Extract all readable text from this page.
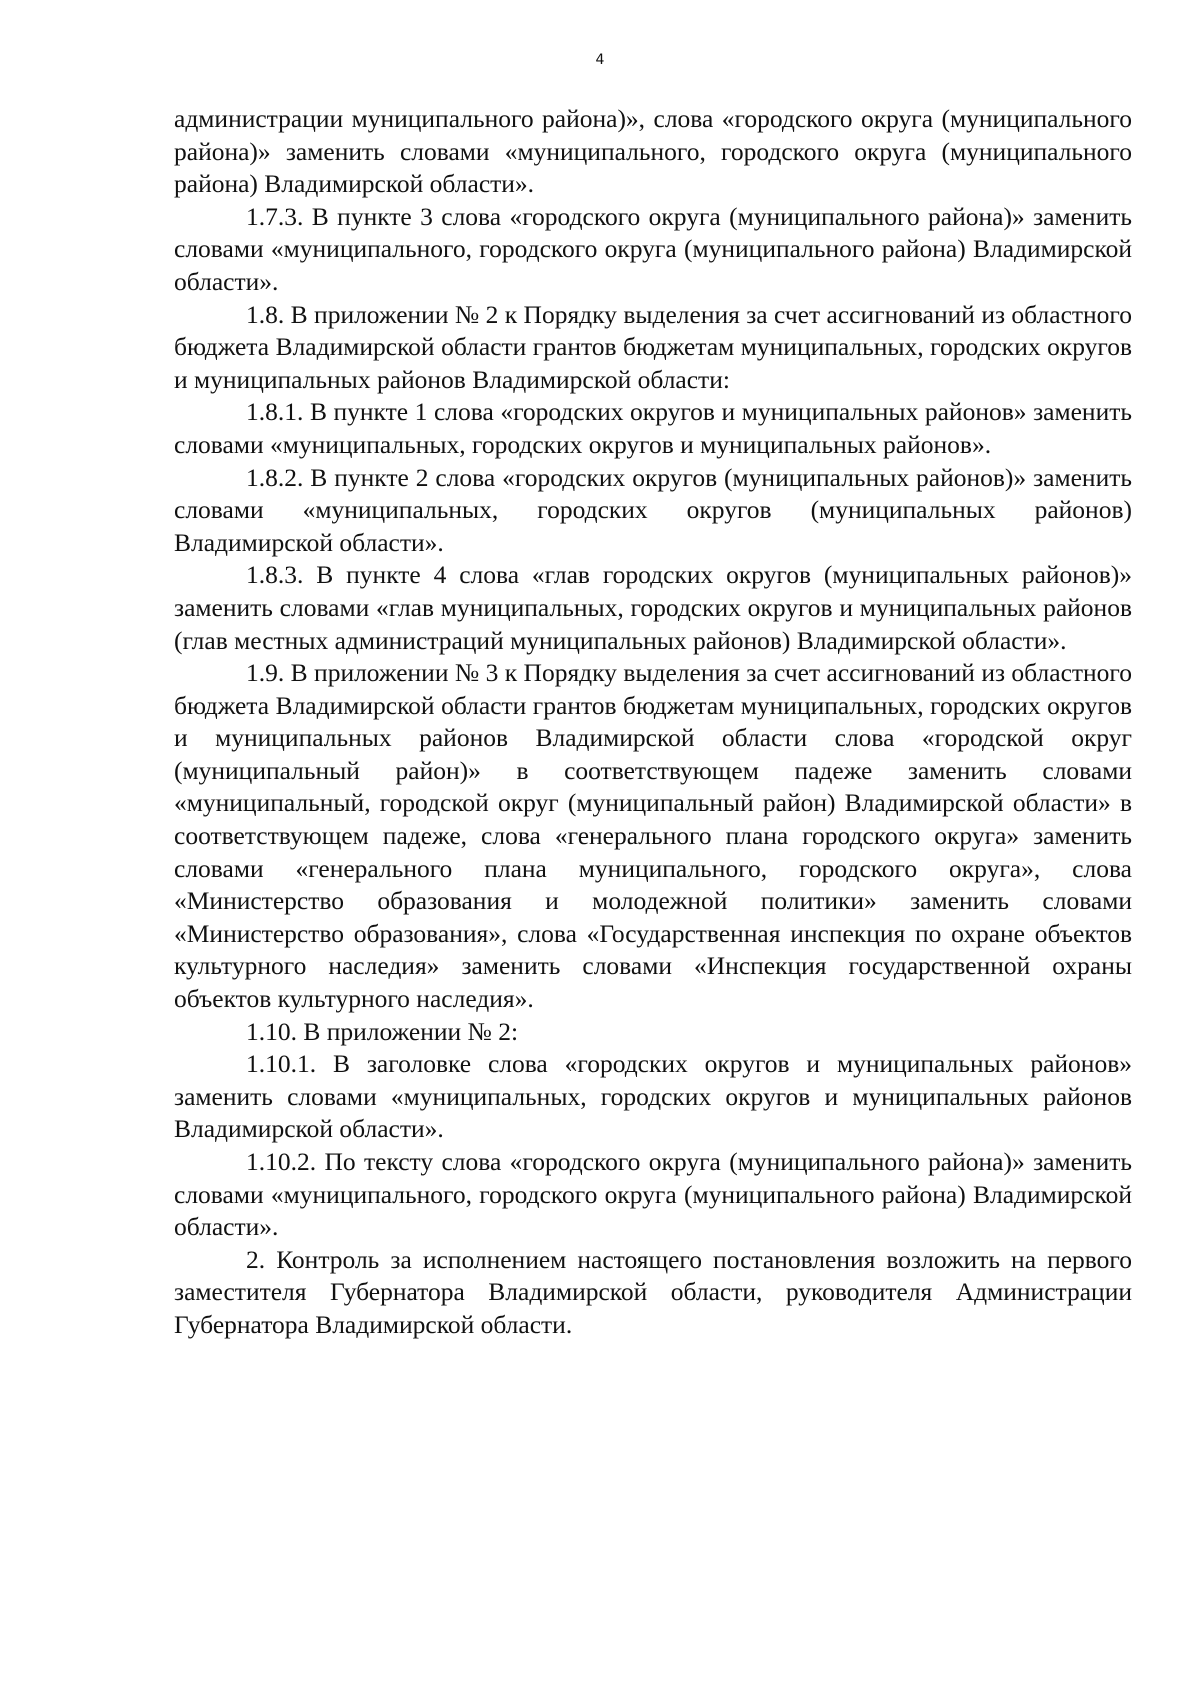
4

администрации муниципального района)», слова «городского округа (муниципального района)» заменить словами «муниципального, городского округа (муниципального района) Владимирской области».

1.7.3. В пункте 3 слова «городского округа (муниципального района)» заменить словами «муниципального, городского округа (муниципального района) Владимирской области».

1.8. В приложении № 2 к Порядку выделения за счет ассигнований из областного бюджета Владимирской области грантов бюджетам муниципальных, городских округов и муниципальных районов Владимирской области:

1.8.1. В пункте 1 слова «городских округов и муниципальных районов» заменить словами «муниципальных, городских округов и муниципальных районов».

1.8.2. В пункте 2 слова «городских округов (муниципальных районов)» заменить словами «муниципальных, городских округов (муниципальных районов) Владимирской области».

1.8.3. В пункте 4 слова «глав городских округов (муниципальных районов)» заменить словами «глав муниципальных, городских округов и муниципальных районов (глав местных администраций муниципальных районов) Владимирской области».

1.9. В приложении № 3 к Порядку выделения за счет ассигнований из областного бюджета Владимирской области грантов бюджетам муниципальных, городских округов и муниципальных районов Владимирской области слова «городской округ (муниципальный район)» в соответствующем падеже заменить словами «муниципальный, городской округ (муниципальный район) Владимирской области» в соответствующем падеже, слова «генерального плана городского округа» заменить словами «генерального плана муниципального, городского округа», слова «Министерство образования и молодежной политики» заменить словами «Министерство образования», слова «Государственная инспекция по охране объектов культурного наследия» заменить словами «Инспекция государственной охраны объектов культурного наследия».

1.10. В приложении № 2:

1.10.1. В заголовке слова «городских округов и муниципальных районов» заменить словами «муниципальных, городских округов и муниципальных районов Владимирской области».

1.10.2. По тексту слова «городского округа (муниципального района)» заменить словами «муниципального, городского округа (муниципального района) Владимирской области».

2. Контроль за исполнением настоящего постановления возложить на первого заместителя Губернатора Владимирской области, руководителя Администрации Губернатора Владимирской области.
